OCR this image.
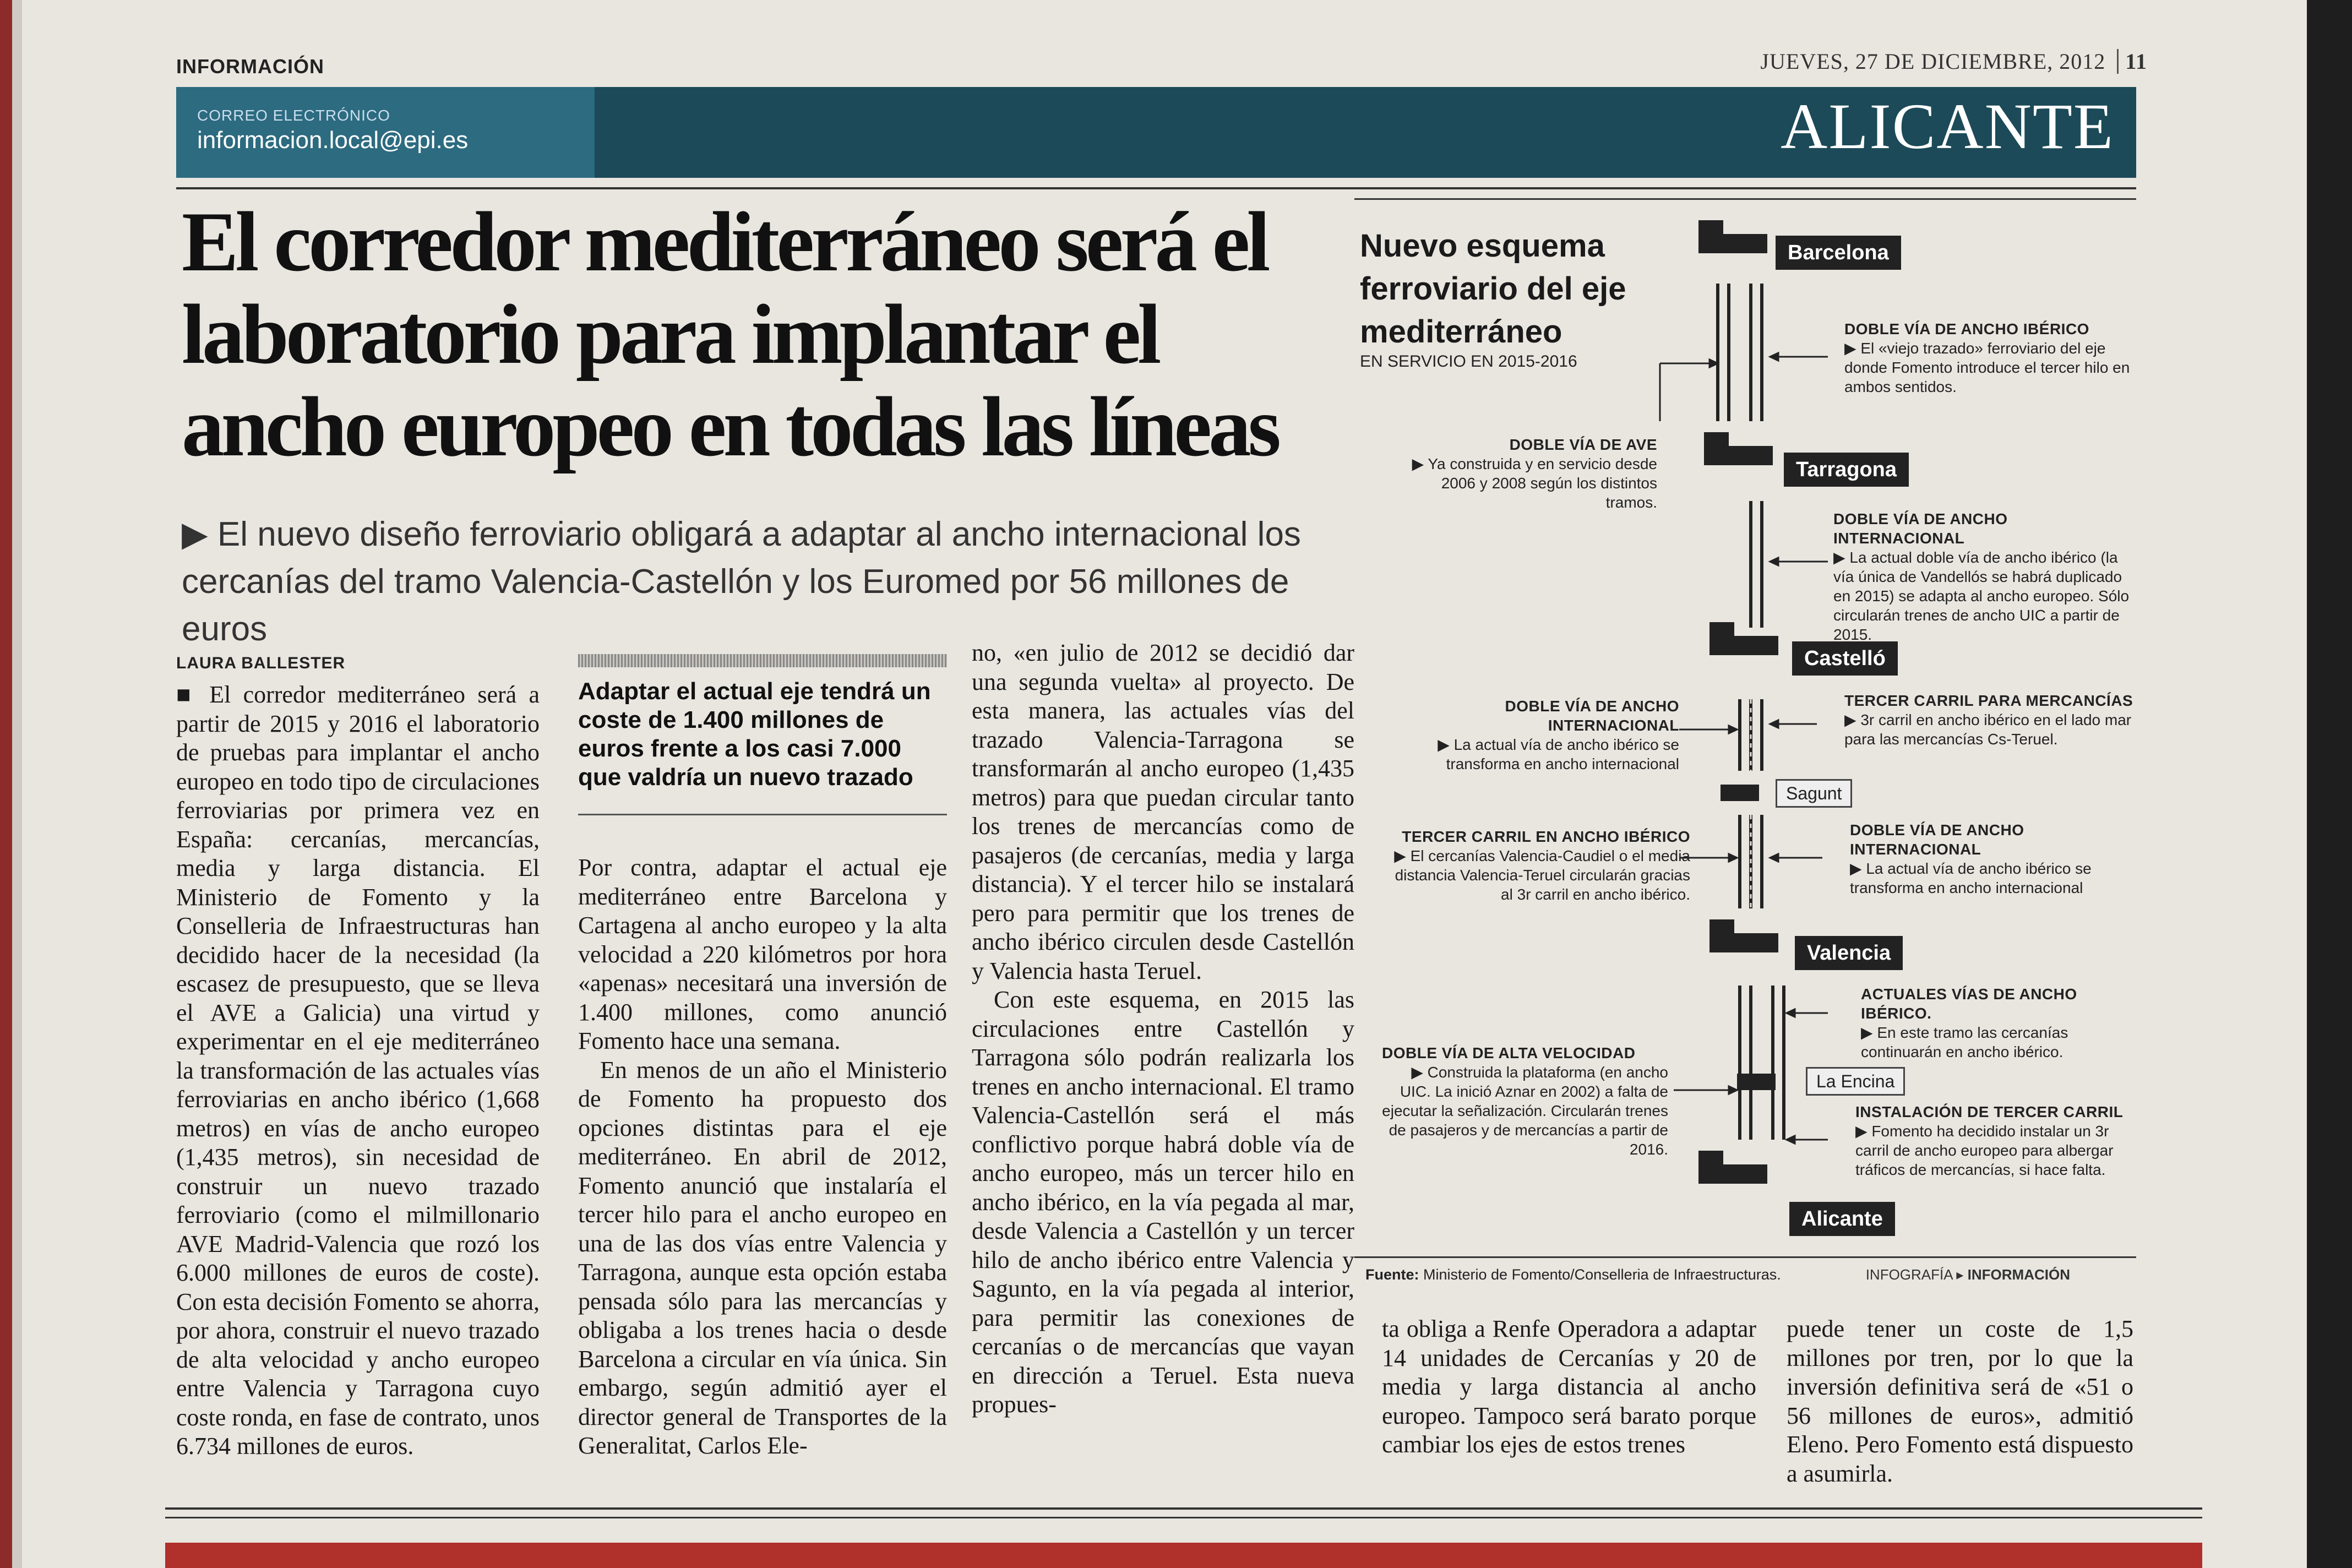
INFORMACIÓN	JUEVES, 27 DE DICIEMBRE, 2012 11
CORREO ELECTRÓNICO
informacion.local@epi.es	ALICANTE
El corredor mediterráneo será el
laboratorio para implantar el
ancho europeo en todas las líneas
▶ El nuevo diseño ferroviario obligará a adaptar al ancho internacional los
cercanías del tramo Valencia-Castellón y los Euromed por 56 millones de euros
LAURA BALLESTER

■ El corredor mediterráneo será a partir de 2015 y 2016 el laboratorio de pruebas para implantar el ancho europeo en todo tipo de circulaciones ferroviarias por primera vez en España: cercanías, mercancías, media y larga distancia. El Ministerio de Fomento y la Conselleria de Infraestructuras han decidido hacer de la necesidad (la escasez de presupuesto, que se lleva el AVE a Galicia) una virtud y experimentar en el eje mediterráneo la transformación de las actuales vías ferroviarias en ancho ibérico (1,668 metros) en vías de ancho europeo (1,435 metros), sin necesidad de construir un nuevo trazado ferroviario (como el milmillonario AVE Madrid-Valencia que rozó los 6.000 millones de euros de coste). Con esta decisión Fomento se ahorra, por ahora, construir el nuevo trazado de alta velocidad y ancho europeo entre Valencia y Tarragona cuyo coste ronda, en fase de contrato, unos 6.734 millones de euros.

Adaptar el actual eje tendrá un coste de 1.400 millones de euros frente a los casi 7.000 que valdría un nuevo trazado

Por contra, adaptar el actual eje mediterráneo entre Barcelona y Cartagena al ancho europeo y la alta velocidad a 220 kilómetros por hora «apenas» necesitará una inversión de 1.400 millones, como anunció Fomento hace una semana.

En menos de un año el Ministerio de Fomento ha propuesto dos opciones distintas para el eje mediterráneo. En abril de 2012, Fomento anunció que instalaría el tercer hilo para el ancho europeo en una de las dos vías entre Valencia y Tarragona, aunque esta opción estaba pensada sólo para las mercancías y obligaba a los trenes hacia o desde Barcelona a circular en vía única. Sin embargo, según admitió ayer el director general de Transportes de la Generalitat, Carlos Ele-

no, «en julio de 2012 se decidió dar una segunda vuelta» al proyecto. De esta manera, las actuales vías del trazado Valencia-Tarragona se transformarán al ancho europeo (1,435 metros) para que puedan circular tanto los trenes de mercancías como de pasajeros (de cercanías, media y larga distancia). Y el tercer hilo se instalará pero para permitir que los trenes de ancho ibérico circulen desde Castellón y Valencia hasta Teruel.

Con este esquema, en 2015 las circulaciones entre Castellón y Tarragona sólo podrán realizarla los trenes en ancho internacional. El tramo Valencia-Castellón será el más conflictivo porque habrá doble vía de ancho europeo, más un tercer hilo en ancho ibérico, en la vía pegada al mar, desde Valencia a Castellón y un tercer hilo de ancho ibérico entre Valencia y Sagunto, en la vía pegada al interior, para permitir las conexiones de cercanías o de mercancías que vayan en dirección a Teruel. Esta nueva propues-

Nuevo esquema ferroviario del eje mediterráneo
EN SERVICIO EN 2015-2016
Barcelona
Tarragona
Castelló
Valencia
Alicante
Sagunt
La Encina
DOBLE VÍA DE ANCHO IBÉRICO
▶ El «viejo trazado» ferroviario del eje donde Fomento introduce el tercer hilo en ambos sentidos.
DOBLE VÍA DE AVE
▶ Ya construida y en servicio desde 2006 y 2008 según los distintos tramos.
DOBLE VÍA DE ANCHO INTERNACIONAL
▶ La actual doble vía de ancho ibérico (la vía única de Vandellós se habrá duplicado en 2015) se adapta al ancho europeo. Sólo circularán trenes de ancho UIC a partir de 2015.
DOBLE VÍA DE ANCHO INTERNACIONAL
▶ La actual vía de ancho ibérico se transforma en ancho internacional
TERCER CARRIL PARA MERCANCÍAS
▶ 3r carril en ancho ibérico en el lado mar para las mercancías Cs-Teruel.
TERCER CARRIL EN ANCHO IBÉRICO
▶ El cercanías Valencia-Caudiel o el media distancia Valencia-Teruel circularán gracias al 3r carril en ancho ibérico.
DOBLE VÍA DE ANCHO INTERNACIONAL
▶ La actual vía de ancho ibérico se transforma en ancho internacional
ACTUALES VÍAS DE ANCHO IBÉRICO.
▶ En este tramo las cercanías continuarán en ancho ibérico.
DOBLE VÍA DE ALTA VELOCIDAD
▶ Construida la plataforma (en ancho UIC. La inició Aznar en 2002) a falta de ejecutar la señalización. Circularán trenes de pasajeros y de mercancías a partir de 2016.
INSTALACIÓN DE TERCER CARRIL
▶ Fomento ha decidido instalar un 3r carril de ancho europeo para albergar tráficos de mercancías, si hace falta.
Fuente: Ministerio de Fomento/Conselleria de Infraestructuras.	INFOGRAFÍA ▸ INFORMACIÓN

ta obliga a Renfe Operadora a adaptar 14 unidades de Cercanías y 20 de media y larga distancia al ancho europeo. Tampoco será barato porque cambiar los ejes de estos trenes

puede tener un coste de 1,5 millones por tren, por lo que la inversión definitiva será de «51 o 56 millones de euros», admitió Eleno. Pero Fomento está dispuesto a asumirla.
